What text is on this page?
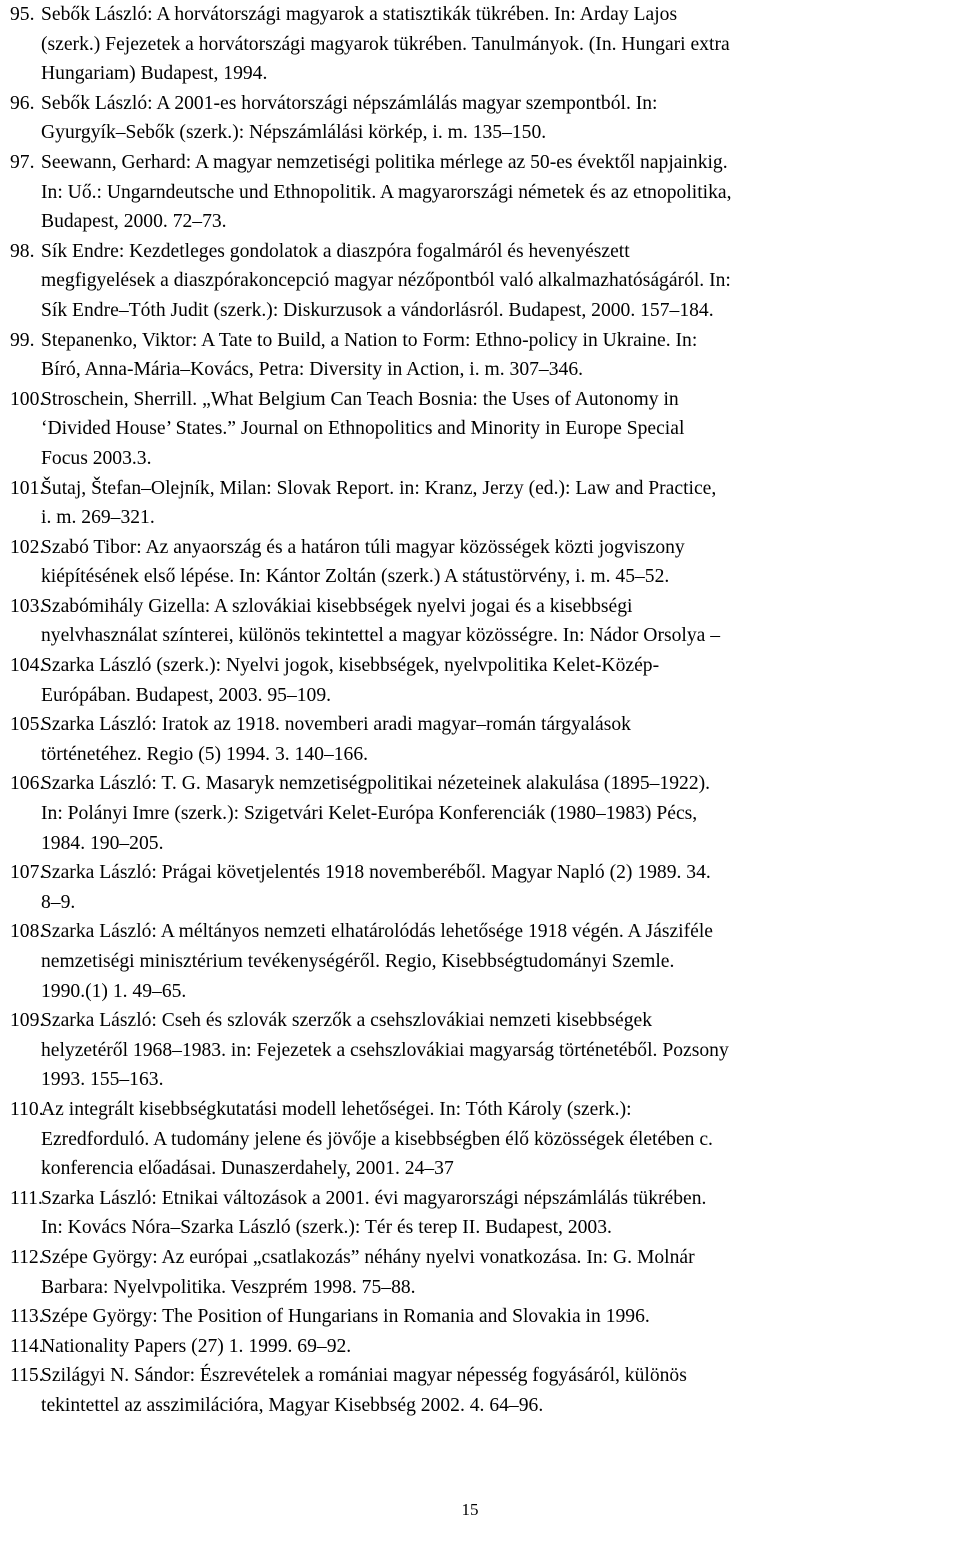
95. Sebők László: A horvátországi magyarok a statisztikák tükrében. In: Arday Lajos
(szerk.) Fejezetek a horvátországi magyarok tükrében. Tanulmányok. (In. Hungari extra
Hungariam) Budapest, 1994.
96. Sebők László: A 2001-es horvátországi népszámlálás magyar szempontból. In:
Gyurgyík–Sebők (szerk.): Népszámlálási körkép, i. m. 135–150.
97. Seewann, Gerhard: A magyar nemzetiségi politika mérlege az 50-es évektől napjainkig.
In: Uő.: Ungarndeutsche und Ethnopolitik. A magyarországi németek és az etnopolitika,
Budapest, 2000. 72–73.
98. Sík Endre: Kezdetleges gondolatok a diaszpóra fogalmáról és hevenyészett
megfigyelések a diaszpórakoncepció magyar nézőpontból való alkalmazhatóságáról. In:
Sík Endre–Tóth Judit (szerk.): Diskurzusok a vándorlásról. Budapest, 2000. 157–184.
99. Stepanenko, Viktor: A Tate to Build, a Nation to Form: Ethno-policy in Ukraine. In:
Bíró, Anna-Mária–Kovács, Petra: Diversity in Action, i. m. 307–346.
100.
Stroschein, Sherrill. „What Belgium Can Teach Bosnia: the Uses of Autonomy in
‘Divided House’ States.” Journal on Ethnopolitics and Minority in Europe Special
Focus 2003.3.
101.
Šutaj, Štefan–Olejník, Milan: Slovak Report. in: Kranz, Jerzy (ed.): Law and Practice,
i. m. 269–321.
102.
Szabó Tibor: Az anyaország és a határon túli magyar közösségek közti jogviszony
kiépítésének első lépése. In: Kántor Zoltán (szerk.) A státustörvény, i. m. 45–52.
103.
Szabómihály Gizella: A szlovákiai kisebbségek nyelvi jogai és a kisebbségi
nyelvhasználat színterei, különös tekintettel a magyar közösségre. In: Nádor Orsolya –
104.
Szarka László (szerk.): Nyelvi jogok, kisebbségek, nyelvpolitika Kelet-Közép-
Európában. Budapest, 2003. 95–109.
105.
Szarka László: Iratok az 1918. novemberi aradi magyar–román tárgyalások
történetéhez. Regio (5) 1994. 3. 140–166.
106.
Szarka László: T. G. Masaryk nemzetiségpolitikai nézeteinek alakulása (1895–1922).
In: Polányi Imre (szerk.): Szigetvári Kelet-Európa Konferenciák (1980–1983) Pécs,
1984. 190–205.
107.
Szarka László: Prágai követjelentés 1918 novemberéből. Magyar Napló (2) 1989. 34.
8–9.
108.
Szarka László: A méltányos nemzeti elhatárolódás lehetősége 1918 végén. A Jásziféle
nemzetiségi minisztérium tevékenységéről. Regio, Kisebbségtudományi Szemle.
1990.(1) 1. 49–65.
109.
Szarka László: Cseh és szlovák szerzők a csehszlovákiai nemzeti kisebbségek
helyzetéről 1968–1983. in: Fejezetek a csehszlovákiai magyarság történetéből. Pozsony
1993. 155–163.
110.
Az integrált kisebbségkutatási modell lehetőségei. In: Tóth Károly (szerk.):
Ezredforduló. A tudomány jelene és jövője a kisebbségben élő közösségek életében c.
konferencia előadásai. Dunaszerdahely, 2001. 24–37
111.
Szarka László: Etnikai változások a 2001. évi magyarországi népszámlálás tükrében.
In: Kovács Nóra–Szarka László (szerk.): Tér és terep II. Budapest, 2003.
112.
Szépe György: Az európai „csatlakozás” néhány nyelvi vonatkozása. In: G. Molnár
Barbara: Nyelvpolitika. Veszprém 1998. 75–88.
113.
Szépe György: The Position of Hungarians in Romania and Slovakia in 1996.
114.
Nationality Papers (27) 1. 1999. 69–92.
115.
Szilágyi N. Sándor: Észrevételek a romániai magyar népesség fogyásáról, különös
tekintettel az asszimilációra, Magyar Kisebbség 2002. 4. 64–96.
15
